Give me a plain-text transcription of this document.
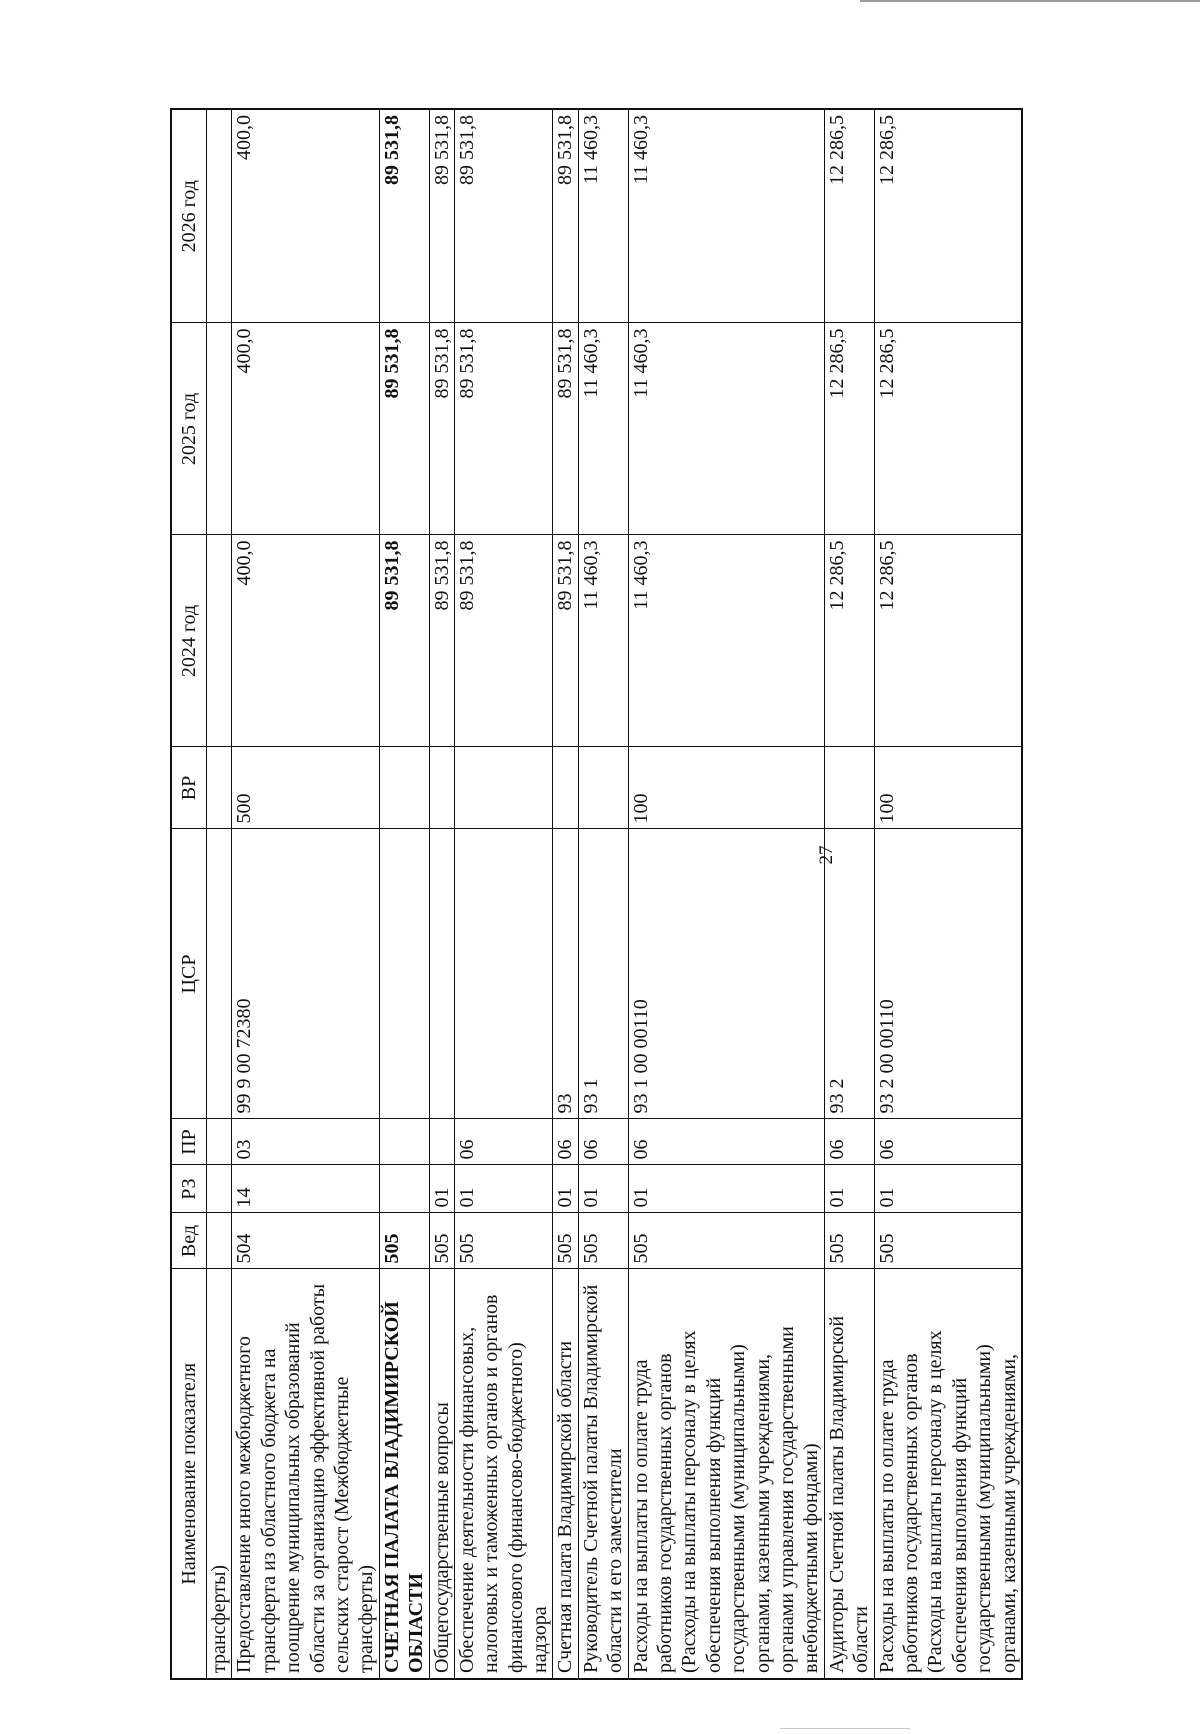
27
Наименование показателя	Вед	РЗ	ПР	ЦСР	ВР	2024 год	2025 год	2026 год
трансферты)								
Предоставление иного межбюджетного трансферта из областного бюджета на поощрение муниципальных образований области за организацию эффективной работы сельских старост (Межбюджетные трансферты)	504	14	03	99 9 00 72380	500	400,0	400,0	400,0
СЧЕТНАЯ ПАЛАТА ВЛАДИМИРСКОЙ ОБЛАСТИ	505					89 531,8	89 531,8	89 531,8
Общегосударственные вопросы	505	01				89 531,8	89 531,8	89 531,8
Обеспечение деятельности финансовых, налоговых и таможенных органов и органов финансового (финансово-бюджетного) надзора	505	01	06			89 531,8	89 531,8	89 531,8
Счетная палата Владимирской области	505	01	06	93		89 531,8	89 531,8	89 531,8
Руководитель Счетной палаты Владимирской области и его заместители	505	01	06	93 1		11 460,3	11 460,3	11 460,3
Расходы на выплаты по оплате труда работников государственных органов (Расходы на выплаты персоналу в целях обеспечения выполнения функций государственными (муниципальными) органами, казенными учреждениями, органами управления государственными внебюджетными фондами)	505	01	06	93 1 00 00110	100	11 460,3	11 460,3	11 460,3
Аудиторы Счетной палаты Владимирской области	505	01	06	93 2		12 286,5	12 286,5	12 286,5
Расходы на выплаты по оплате труда работников государственных органов (Расходы на выплаты персоналу в целях обеспечения выполнения функций государственными (муниципальными) органами, казенными учреждениями,	505	01	06	93 2 00 00110	100	12 286,5	12 286,5	12 286,5
